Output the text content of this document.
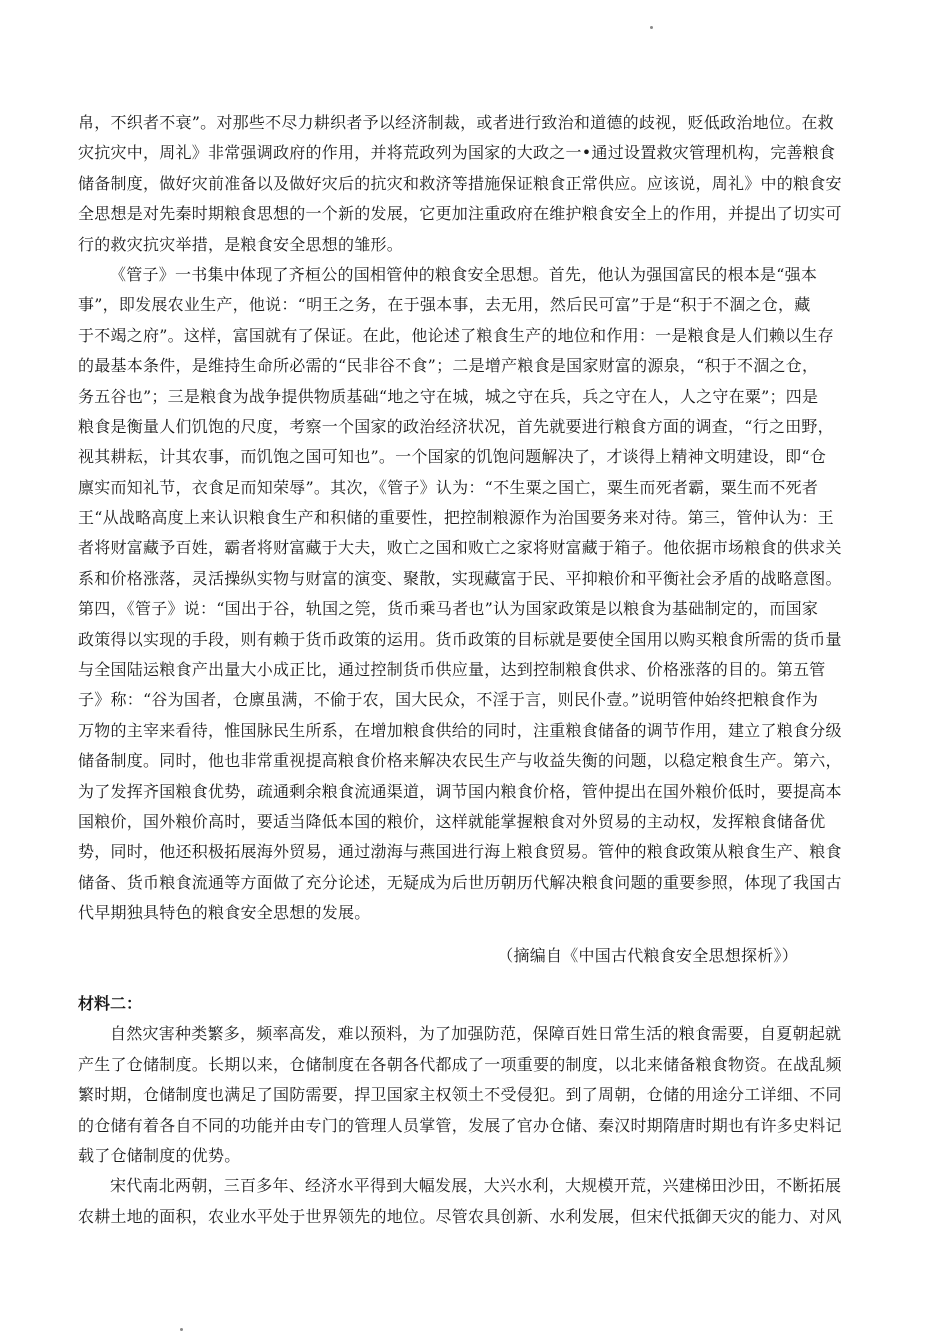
帛，不织者不衰”。对那些不尽力耕织者予以经济制裁，或者进行致治和道德的歧视，贬低政治地位。在救
灾抗灾中，周礼》非常强调政府的作用，并将荒政列为国家的大政之一•通过设置救灾管理机构，完善粮食
储备制度，做好灾前准备以及做好灾后的抗灾和救济等措施保证粮食正常供应。应该说，周礼》中的粮食安
全思想是对先秦时期粮食思想的一个新的发展，它更加注重政府在维护粮食安全上的作用，并提出了切实可
行的救灾抗灾举措，是粮食安全思想的雏形。
《管子》一书集中体现了齐桓公的国相管仲的粮食安全思想。首先，他认为强国富民的根本是“强本
事”，即发展农业生产，他说：“明王之务，在于强本事，去无用，然后民可富”于是“积于不涸之仓，藏
于不竭之府”。这样，富国就有了保证。在此，他论述了粮食生产的地位和作用：一是粮食是人们赖以生存
的最基本条件，是维持生命所必需的“民非谷不食”；二是增产粮食是国家财富的源泉，“积于不涸之仓，
务五谷也”；三是粮食为战争提供物质基础“地之守在城，城之守在兵，兵之守在人，人之守在粟”；四是
粮食是衡量人们饥饱的尺度，考察一个国家的政治经济状况，首先就要进行粮食方面的调查，“行之田野，
视其耕耘，计其农事，而饥饱之国可知也”。一个国家的饥饱问题解决了，才谈得上精神文明建设，即“仓
廪实而知礼节，衣食足而知荣辱”。其次，《管子》认为：“不生粟之国亡，粟生而死者霸，粟生而不死者
王“从战略高度上来认识粮食生产和积储的重要性，把控制粮源作为治国要务来对待。第三，管仲认为：王
者将财富藏予百姓，霸者将财富藏于大夫，败亡之国和败亡之家将财富藏于箱子。他依据市场粮食的供求关
系和价格涨落，灵活操纵实物与财富的演变、聚散，实现藏富于民、平抑粮价和平衡社会矛盾的战略意图。
第四，《管子》说：“国出于谷，轨国之筦，货币乘马者也”认为国家政策是以粮食为基础制定的，而国家
政策得以实现的手段，则有赖于货币政策的运用。货币政策的目标就是要使全国用以购买粮食所需的货币量
与全国陆运粮食产出量大小成正比，通过控制货币供应量，达到控制粮食供求、价格涨落的目的。第五管
子》称：“谷为国者，仓廪虽满，不偷于农，国大民众，不淫于言，则民仆壹。”说明管仲始终把粮食作为
万物的主宰来看待，惟国脉民生所系，在增加粮食供给的同时，注重粮食储备的调节作用，建立了粮食分级
储备制度。同时，他也非常重视提高粮食价格来解决农民生产与收益失衡的问题，以稳定粮食生产。第六，
为了发挥齐国粮食优势，疏通剩余粮食流通渠道，调节国内粮食价格，管仲提出在国外粮价低时，要提高本
国粮价，国外粮价高时，要适当降低本国的粮价，这样就能掌握粮食对外贸易的主动权，发挥粮食储备优
势，同时，他还积极拓展海外贸易，通过渤海与燕国进行海上粮食贸易。管仲的粮食政策从粮食生产、粮食
储备、货币粮食流通等方面做了充分论述，无疑成为后世历朝历代解决粮食问题的重要参照，体现了我国古
代早期独具特色的粮食安全思想的发展。
（摘编自《中国古代粮食安全思想探析》）
材料二：
自然灾害种类繁多，频率高发，难以预料，为了加强防范，保障百姓日常生活的粮食需要，自夏朝起就
产生了仓储制度。长期以来，仓储制度在各朝各代都成了一项重要的制度，以北来储备粮食物资。在战乱频
繁时期，仓储制度也满足了国防需要，捍卫国家主权领土不受侵犯。到了周朝，仓储的用途分工详细、不同
的仓储有着各自不同的功能并由专门的管理人员掌管，发展了官办仓储、秦汉时期隋唐时期也有许多史料记
载了仓储制度的优势。
宋代南北两朝，三百多年、经济水平得到大幅发展，大兴水利，大规模开荒，兴建梯田沙田，不断拓展
农耕土地的面积，农业水平处于世界领先的地位。尽管农具创新、水利发展，但宋代抵御天灾的能力、对风
